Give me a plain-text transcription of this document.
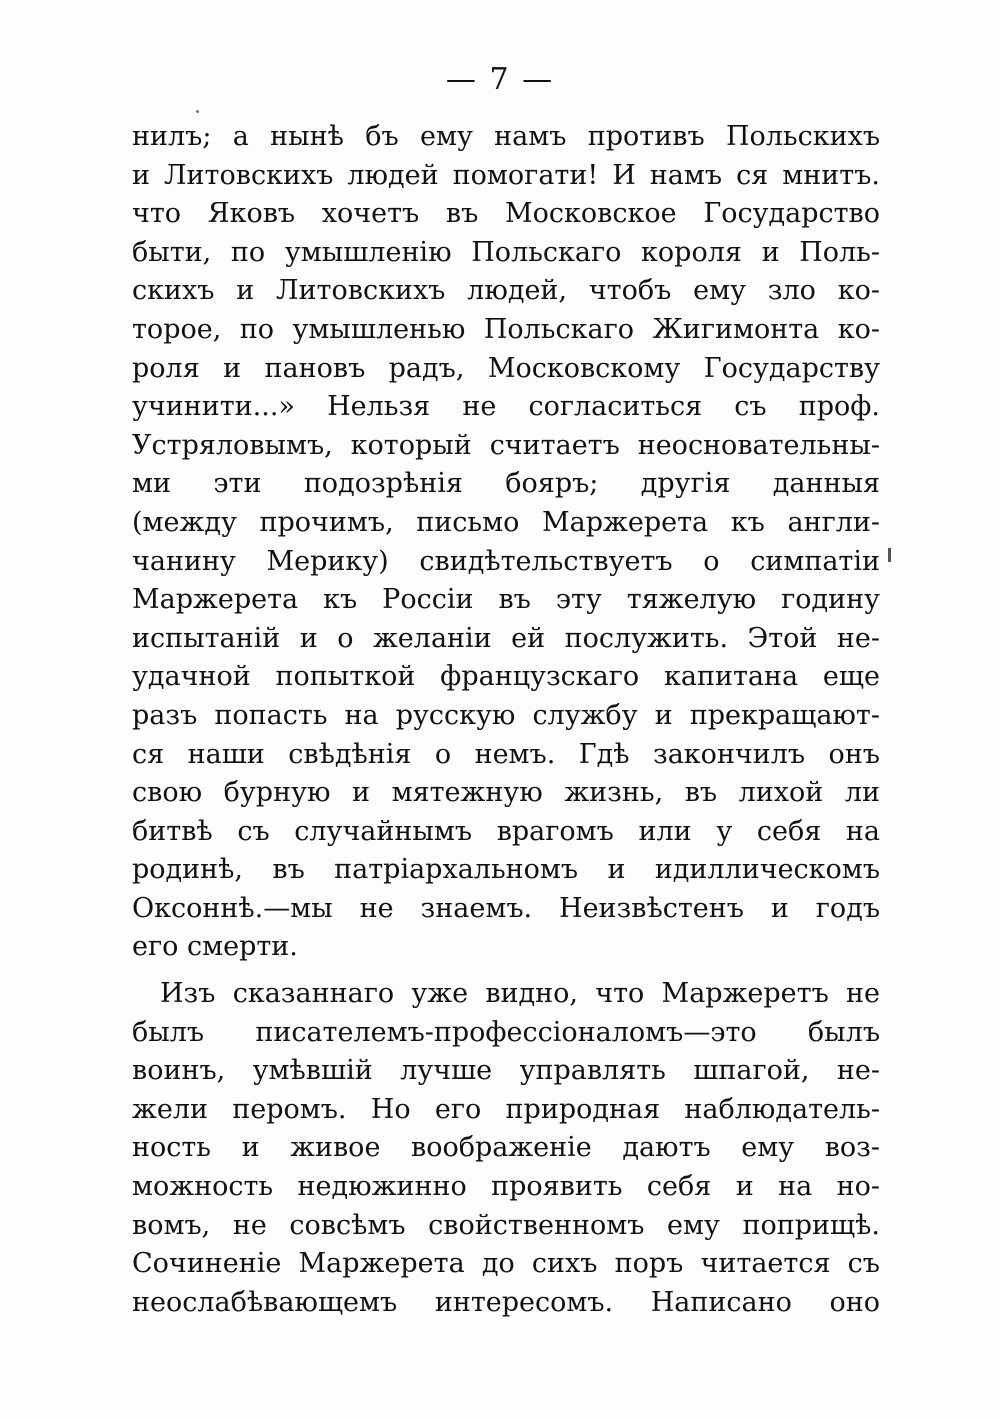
— 7 —
нилъ; а нынѣ бъ ему намъ противъ Польскихъ
и Литовскихъ людей помогати! И намъ ся мнитъ.
что Яковъ хочетъ въ Московское Государство
быти, по умышленію Польскаго короля и Поль-
скихъ и Литовскихъ людей, чтобъ ему зло ко-
торое, по умышленью Польскаго Жигимонта ко-
роля и пановъ радъ, Московскому Государству
учинити...» Нельзя не согласиться съ проф.
Устряловымъ, который считаетъ неосновательны-
ми эти подозрѣнія бояръ; другія данныя
(между прочимъ, письмо Маржерета къ англи-
чанину Мерику) свидѣтельствуетъ о симпатіи
Маржерета къ Россіи въ эту тяжелую годину
испытаній и о желаніи ей послужить. Этой не-
удачной попыткой французскаго капитана еще
разъ попасть на русскую службу и прекращают-
ся наши свѣдѣнія о немъ. Гдѣ закончилъ онъ
свою бурную и мятежную жизнь, въ лихой ли
битвѣ съ случайнымъ врагомъ или у себя на
родинѣ, въ патріархальномъ и идиллическомъ
Оксоннѣ.—мы не знаемъ. Неизвѣстенъ и годъ
его смерти.
Изъ сказаннаго уже видно, что Маржеретъ не
былъ писателемъ-профессіоналомъ—это былъ
воинъ, умѣвшій лучше управлять шпагой, не-
жели перомъ. Но его природная наблюдатель-
ность и живое воображеніе даютъ ему воз-
можность недюжинно проявить себя и на но-
вомъ, не совсѣмъ свойственномъ ему поприщѣ.
Сочиненіе Маржерета до сихъ поръ читается съ
неослабѣвающемъ интересомъ. Написано оно
